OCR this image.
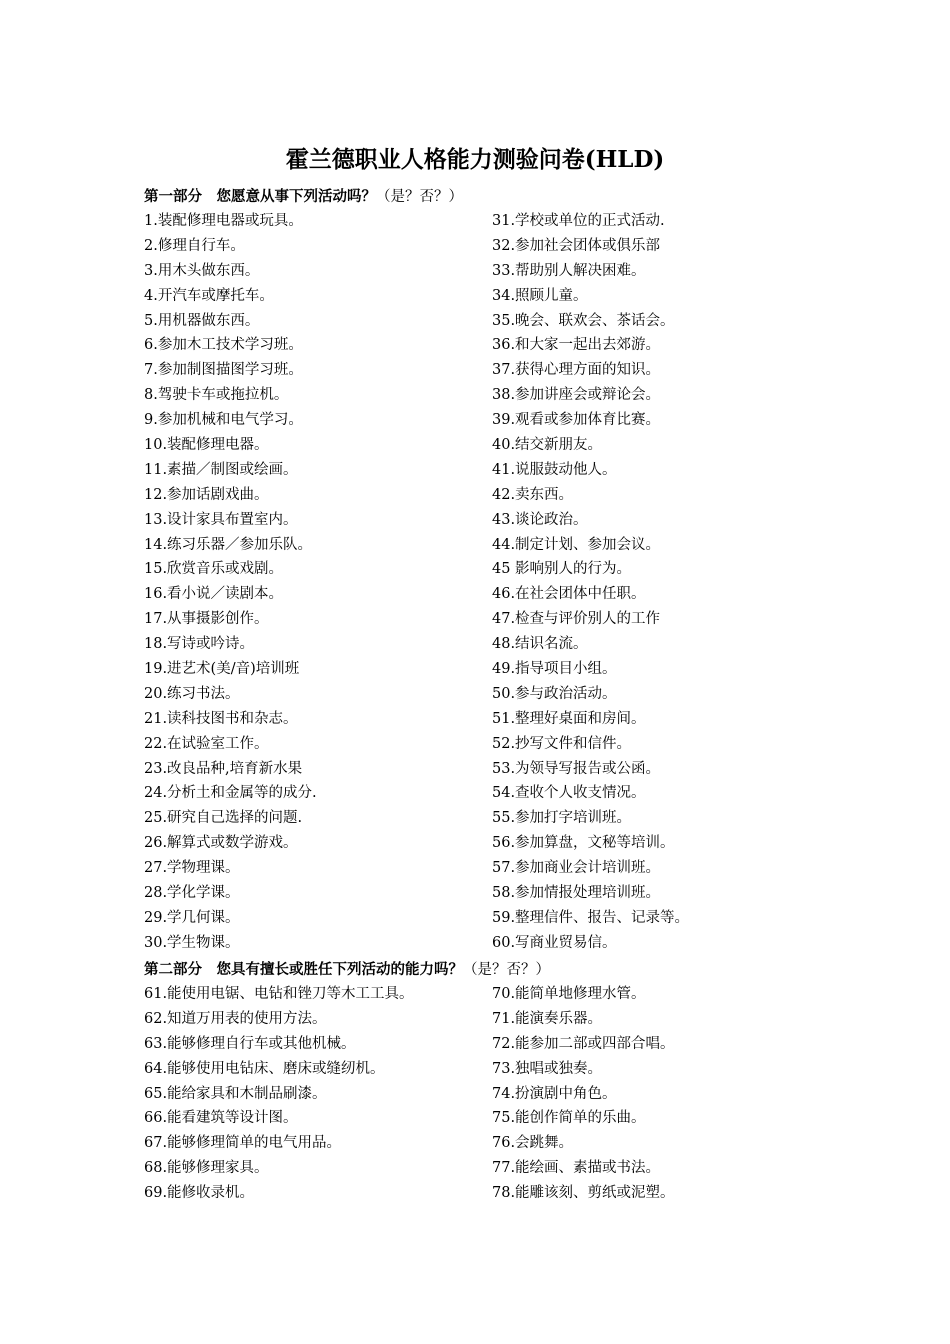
霍兰德职业人格能力测验问卷(HLD)
第一部分　您愿意从事下列活动吗？（是？否？）
1.装配修理电器或玩具。
2.修理自行车。
3.用木头做东西。
4.开汽车或摩托车。
5.用机器做东西。
6.参加木工技术学习班。
7.参加制图描图学习班。
8.驾驶卡车或拖拉机。
9.参加机械和电气学习。
10.装配修理电器。
11.素描／制图或绘画。
12.参加话剧戏曲。
13.设计家具布置室内。
14.练习乐器／参加乐队。
15.欣赏音乐或戏剧。
16.看小说／读剧本。
17.从事摄影创作。
18.写诗或吟诗。
19.进艺术(美/音)培训班
20.练习书法。
21.读科技图书和杂志。
22.在试验室工作。
23.改良品种,培育新水果
24.分析土和金属等的成分.
25.研究自己选择的问题.
26.解算式或数学游戏。
27.学物理课。
28.学化学课。
29.学几何课。
30.学生物课。
31.学校或单位的正式活动.
32.参加社会团体或俱乐部
33.帮助别人解决困难。
34.照顾儿童。
35.晚会、联欢会、茶话会。
36.和大家一起出去郊游。
37.获得心理方面的知识。
38.参加讲座会或辩论会。
39.观看或参加体育比赛。
40.结交新朋友。
41.说服鼓动他人。
42.卖东西。
43.谈论政治。
44.制定计划、参加会议。
45 影响别人的行为。
46.在社会团体中任职。
47.检查与评价别人的工作
48.结识名流。
49.指导项目小组。
50.参与政治活动。
51.整理好桌面和房间。
52.抄写文件和信件。
53.为领导写报告或公函。
54.查收个人收支情况。
55.参加打字培训班。
56.参加算盘，文秘等培训。
57.参加商业会计培训班。
58.参加情报处理培训班。
59.整理信件、报告、记录等。
60.写商业贸易信。
第二部分　您具有擅长或胜任下列活动的能力吗？（是？否？）
61.能使用电锯、电钻和锉刀等木工工具。
62.知道万用表的使用方法。
63.能够修理自行车或其他机械。
64.能够使用电钻床、磨床或缝纫机。
65.能给家具和木制品刷漆。
66.能看建筑等设计图。
67.能够修理简单的电气用品。
68.能够修理家具。
69.能修收录机。
70.能简单地修理水管。
71.能演奏乐器。
72.能参加二部或四部合唱。
73.独唱或独奏。
74.扮演剧中角色。
75.能创作简单的乐曲。
76.会跳舞。
77.能绘画、素描或书法。
78.能雕该刻、剪纸或泥塑。
